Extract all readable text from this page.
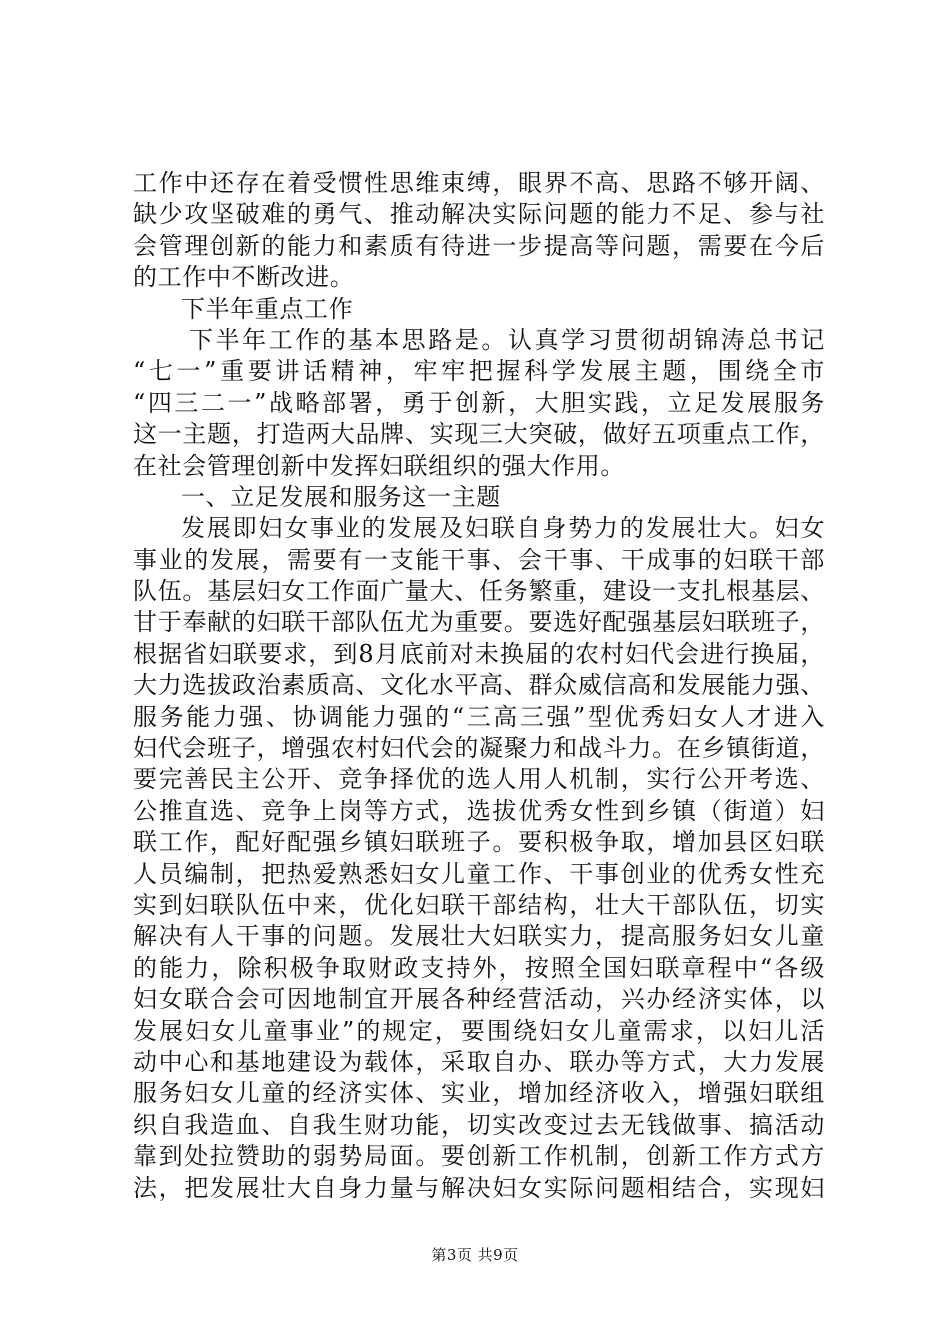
工作中还存在着受惯性思维束缚，眼界不高、思路不够开阔、
缺少攻坚破难的勇气、推动解决实际问题的能力不足、参与社
会管理创新的能力和素质有待进一步提高等问题，需要在今后
的工作中不断改进。
下半年重点工作
下半年工作的基本思路是。认真学习贯彻胡锦涛总书记
“七一”重要讲话精神，牢牢把握科学发展主题，围绕全市
“四三二一”战略部署，勇于创新，大胆实践，立足发展服务
这一主题，打造两大品牌、实现三大突破，做好五项重点工作，
在社会管理创新中发挥妇联组织的强大作用。
一、立足发展和服务这一主题
发展即妇女事业的发展及妇联自身势力的发展壮大。妇女
事业的发展，需要有一支能干事、会干事、干成事的妇联干部
队伍。基层妇女工作面广量大、任务繁重，建设一支扎根基层、
甘于奉献的妇联干部队伍尤为重要。要选好配强基层妇联班子，
根据省妇联要求，到8月底前对未换届的农村妇代会进行换届，
大力选拔政治素质高、文化水平高、群众威信高和发展能力强、
服务能力强、协调能力强的“三高三强”型优秀妇女人才进入
妇代会班子，增强农村妇代会的凝聚力和战斗力。在乡镇街道，
要完善民主公开、竞争择优的选人用人机制，实行公开考选、
公推直选、竞争上岗等方式，选拔优秀女性到乡镇（街道）妇
联工作，配好配强乡镇妇联班子。要积极争取，增加县区妇联
人员编制，把热爱熟悉妇女儿童工作、干事创业的优秀女性充
实到妇联队伍中来，优化妇联干部结构，壮大干部队伍，切实
解决有人干事的问题。发展壮大妇联实力，提高服务妇女儿童
的能力，除积极争取财政支持外，按照全国妇联章程中“各级
妇女联合会可因地制宜开展各种经营活动，兴办经济实体，以
发展妇女儿童事业”的规定，要围绕妇女儿童需求，以妇儿活
动中心和基地建设为载体，采取自办、联办等方式，大力发展
服务妇女儿童的经济实体、实业，增加经济收入，增强妇联组
织自我造血、自我生财功能，切实改变过去无钱做事、搞活动
靠到处拉赞助的弱势局面。要创新工作机制，创新工作方式方
法，把发展壮大自身力量与解决妇女实际问题相结合，实现妇
第3页 共9页
